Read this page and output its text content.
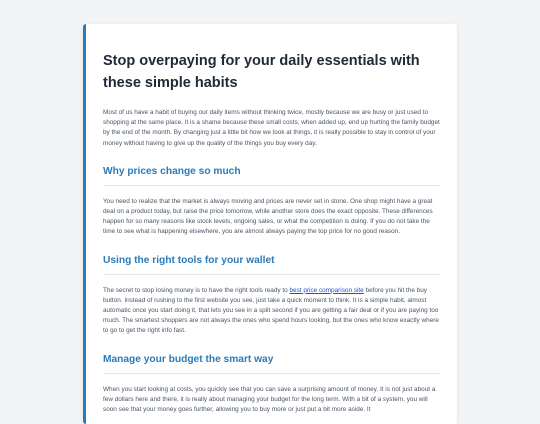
Stop overpaying for your daily essentials with these simple habits

Most of us have a habit of buying our daily items without thinking twice, mostly because we are busy or just used to shopping at the same place. It is a shame because these small costs, when added up, end up hurting the family budget by the end of the month. By changing just a little bit how we look at things, it is really possible to stay in control of your money without having to give up the quality of the things you buy every day.

Why prices change so much

You need to realize that the market is always moving and prices are never set in stone. One shop might have a great deal on a product today, but raise the price tomorrow, while another store does the exact opposite. These differences happen for so many reasons like stock levels, ongoing sales, or what the competition is doing. If you do not take the time to see what is happening elsewhere, you are almost always paying the top price for no good reason.

Using the right tools for your wallet

The secret to stop losing money is to have the right tools ready to best price comparison site before you hit the buy button. Instead of rushing to the first website you see, just take a quick moment to think. It is a simple habit, almost automatic once you start doing it, that lets you see in a split second if you are getting a fair deal or if you are paying too much. The smartest shoppers are not always the ones who spend hours looking, but the ones who know exactly where to go to get the right info fast.

Manage your budget the smart way

When you start looking at costs, you quickly see that you can save a surprising amount of money. It is not just about a few dollars here and there, it is really about managing your budget for the long term. With a bit of a system, you will soon see that your money goes further, allowing you to buy more or just put a bit more aside. It
